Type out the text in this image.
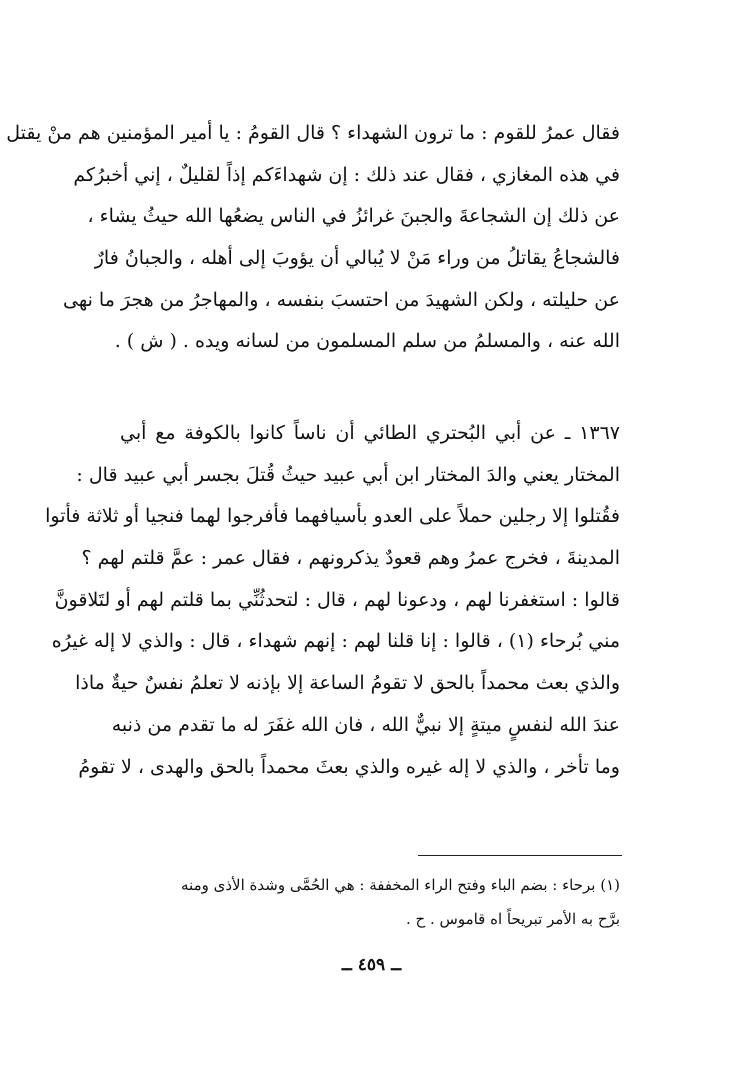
فقال عمرُ للقوم : ما ترون الشهداء ؟ قال القومُ : يا أمير المؤمنين هم منْ يقتل
في هذه المغازي ، فقال عند ذلك : إن شهداءَكم إذاً لقليلٌ ، إني أخبرُكم
عن ذلك إن الشجاعةَ والجبنَ غرائزُ في الناس يضعُها الله حيثُ يشاء ،
فالشجاعُ يقاتلُ من وراء مَنْ لا يُبالي أن يؤوبَ إلى أهله ، والجبانُ فارٌ
عن حليلته ، ولكن الشهيدَ من احتسبَ بنفسه ، والمهاجرُ من هجرَ ما نهى
الله عنه ، والمسلمُ من سلم المسلمون من لسانه ويده . ( ش ) .
١٣٦٧ ـ عن أبي البُحتري الطائي أن ناساً كانوا بالكوفة مع أبي
المختار يعني والدَ المختار ابن أبي عبيد حيثُ قُتلَ بجسر أبي عبيد قال :
فقُتلوا إلا رجلين حملاً على العدو بأسيافهما فأفرجوا لهما فنجيا أو ثلاثة فأتوا
المدينةَ ، فخرج عمرُ وهم قعودٌ يذكرونهم ، فقال عمر : عمَّ قلتم لهم ؟
قالوا : استغفرنا لهم ، ودعونا لهم ، قال : لتحدثُنِّي بما قلتم لهم أو لتَلاقونَّ
مني بُرحاء (١) ، قالوا : إنا قلنا لهم : إنهم شهداء ، قال : والذي لا إله غيرُه
والذي بعث محمداً بالحق لا تقومُ الساعة إلا بإذنه لا تعلمُ نفسٌ حيةٌ ماذا
عندَ الله لنفسٍ ميتةٍ إلا نبيٌّ الله ، فان الله غفَرَ له ما تقدم من ذنبه
وما تأخر ، والذي لا إله غيره والذي بعثَ محمداً بالحق والهدى ، لا تقومُ
(١) برحاء : بضم الباء وفتح الراء المخففة : هي الحُمَّى وشدة الأذى ومنه
برَّح به الأمر تبريحاً اه قاموس . ح .
ــ ٤٥٩ ــ
